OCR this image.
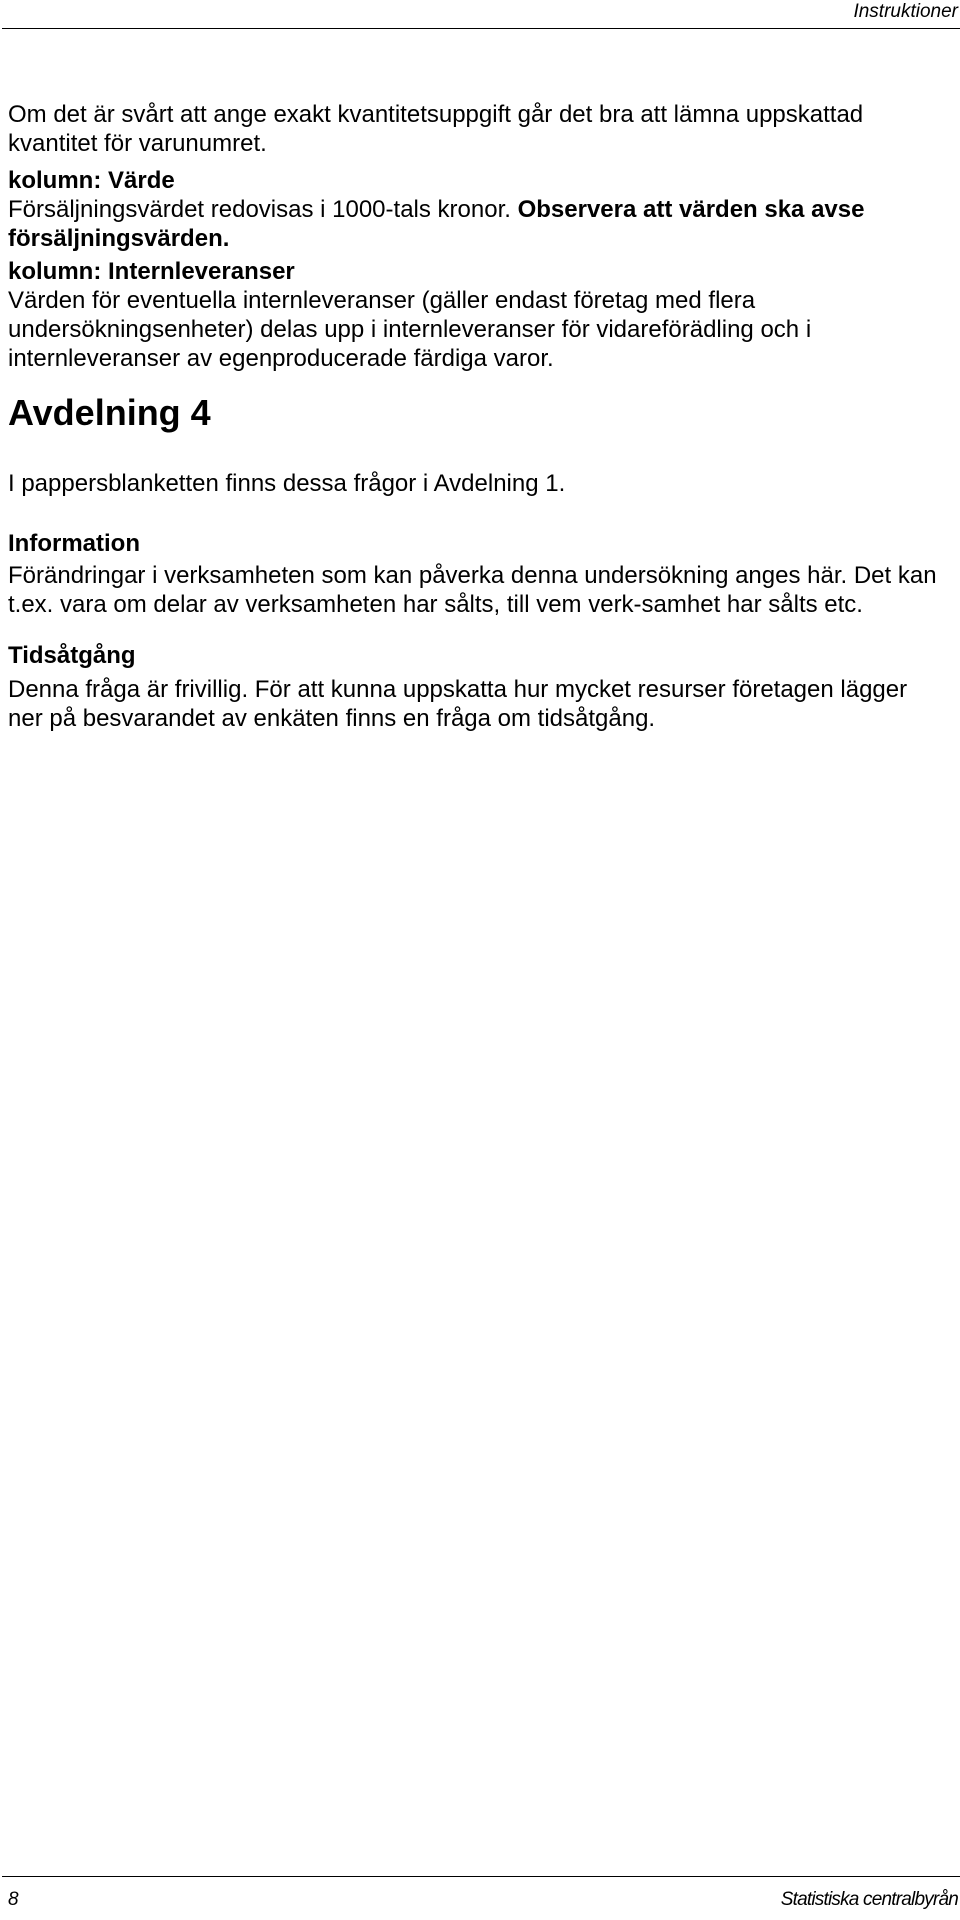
Instruktioner

Om det är svårt att ange exakt kvantitetsuppgift går det bra att lämna uppskattad kvantitet för varunumret.

kolumn: Värde

Försäljningsvärdet redovisas i 1000-tals kronor. Observera att värden ska avse försäljningsvärden.

kolumn: Internleveranser

Värden för eventuella internleveranser (gäller endast företag med flera undersökningsenheter) delas upp i internleveranser för vidareförädling och i internleveranser av egenproducerade färdiga varor.

Avdelning 4

I pappersblanketten finns dessa frågor i Avdelning 1.

Information

Förändringar i verksamheten som kan påverka denna undersökning anges här. Det kan t.ex. vara om delar av verksamheten har sålts, till vem verk-samhet har sålts etc.

Tidsåtgång

Denna fråga är frivillig. För att kunna uppskatta hur mycket resurser företagen lägger ner på besvarandet av enkäten finns en fråga om tidsåtgång.

8	Statistiska centralbyrån
